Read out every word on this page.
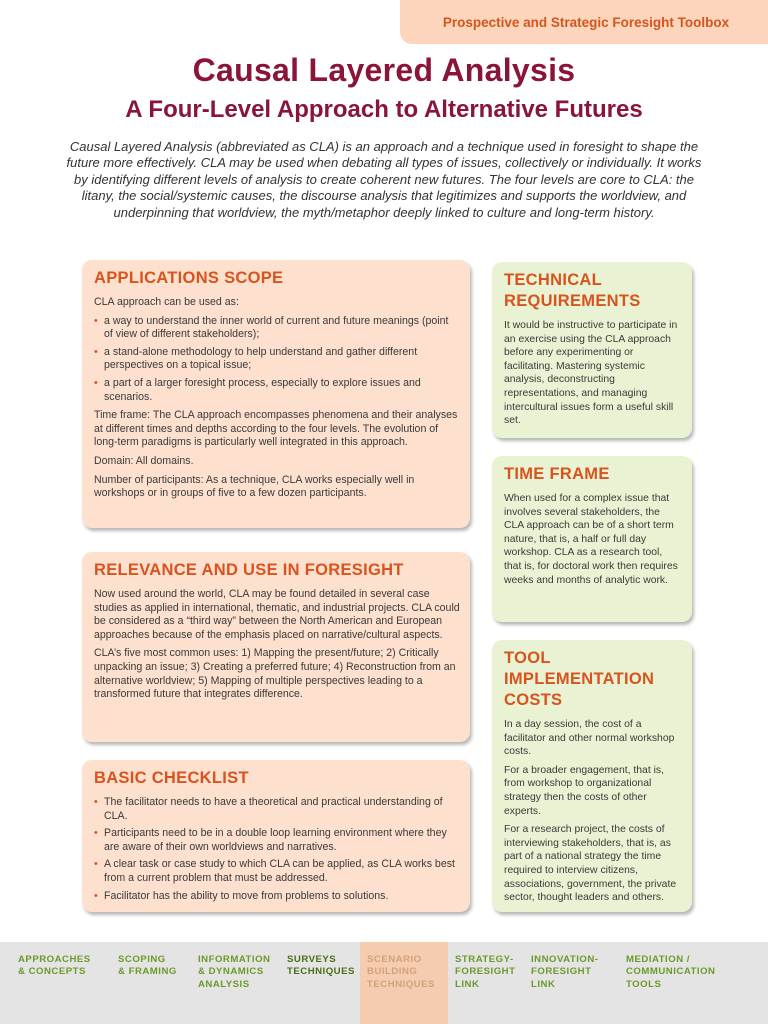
Prospective and Strategic Foresight Toolbox
Causal Layered Analysis
A Four-Level Approach to Alternative Futures

Causal Layered Analysis (abbreviated as CLA) is an approach and a technique used in foresight to shape the future more effectively. CLA may be used when debating all types of issues, collectively or individually. It works by identifying different levels of analysis to create coherent new futures. The four levels are core to CLA: the litany, the social/systemic causes, the discourse analysis that legitimizes and supports the worldview, and underpinning that worldview, the myth/metaphor deeply linked to culture and long-term history.

APPLICATIONS SCOPE

CLA approach can be used as:

• a way to understand the inner world of current and future meanings (point of view of different stakeholders);
• a stand-alone methodology to help understand and gather different perspectives on a topical issue;
• a part of a larger foresight process, especially to explore issues and scenarios.

Time frame: The CLA approach encompasses phenomena and their analyses at different times and depths according to the four levels. The evolution of long-term paradigms is particularly well integrated in this approach.

Domain: All domains.

Number of participants: As a technique, CLA works especially well in workshops or in groups of five to a few dozen participants.

RELEVANCE AND USE IN FORESIGHT

Now used around the world, CLA may be found detailed in several case studies as applied in international, thematic, and industrial projects. CLA could be considered as a “third way” between the North American and European approaches because of the emphasis placed on narrative/cultural aspects.

CLA’s five most common uses: 1) Mapping the present/future; 2) Critically unpacking an issue; 3) Creating a preferred future; 4) Reconstruction from an alternative worldview; 5) Mapping of multiple perspectives leading to a transformed future that integrates difference.

BASIC CHECKLIST
• The facilitator needs to have a theoretical and practical understanding of CLA.
• Participants need to be in a double loop learning environment where they are aware of their own worldviews and narratives.
• A clear task or case study to which CLA can be applied, as CLA works best from a current problem that must be addressed.
• Facilitator has the ability to move from problems to solutions.
TECHNICAL REQUIREMENTS

It would be instructive to participate in an exercise using the CLA approach before any experimenting or facilitating. Mastering systemic analysis, deconstructing representations, and managing intercultural issues form a useful skill set.

TIME FRAME

When used for a complex issue that involves several stakeholders, the CLA approach can be of a short term nature, that is, a half or full day workshop. CLA as a research tool, that is, for doctoral work then requires weeks and months of analytic work.

TOOL IMPLEMENTATION COSTS

In a day session, the cost of a facilitator and other normal workshop costs.

For a broader engagement, that is, from workshop to organizational strategy then the costs of other experts.

For a research project, the costs of interviewing stakeholders, that is, as part of a national strategy the time required to interview citizens, associations, government, the private sector, thought leaders and others.

APPROACHES
& CONCEPTS
SCOPING
& FRAMING
INFORMATION
& DYNAMICS
ANALYSIS
SURVEYS
TECHNIQUES
SCENARIO
BUILDING
TECHNIQUES
STRATEGY-
FORESIGHT
LINK
INNOVATION-
FORESIGHT
LINK
MEDIATION /
COMMUNICATION
TOOLS
